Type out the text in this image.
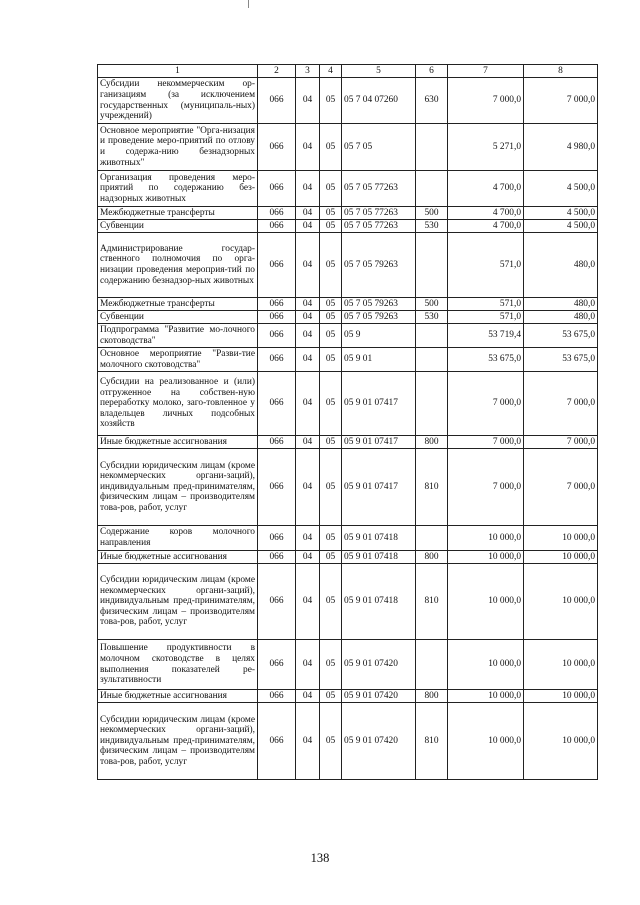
1	2	3	4	5	6	7	8
Субсидии некоммерческим ор-ганизациям (за исключением государственных (муниципаль-ных) учреждений)	066	04	05	05 7 04 07260	630	7 000,0	7 000,0
Основное мероприятие "Орга-низация и проведение меро-приятий по отлову и содержа-нию безнадзорных животных"	066	04	05	05 7 05		5 271,0	4 980,0
Организация проведения меро-приятий по содержанию без-надзорных животных	066	04	05	05 7 05 77263		4 700,0	4 500,0
Межбюджетные трансферты	066	04	05	05 7 05 77263	500	4 700,0	4 500,0
Субвенции	066	04	05	05 7 05 77263	530	4 700,0	4 500,0
Администрирование государ-ственного полномочия по орга-низации проведения мероприя-тий по содержанию безнадзор-ных животных	066	04	05	05 7 05 79263		571,0	480,0
Межбюджетные трансферты	066	04	05	05 7 05 79263	500	571,0	480,0
Субвенции	066	04	05	05 7 05 79263	530	571,0	480,0
Подпрограмма "Развитие мо-лочного скотоводства"	066	04	05	05 9		53 719,4	53 675,0
Основное мероприятие "Разви-тие молочного скотоводства"	066	04	05	05 9 01		53 675,0	53 675,0
Субсидии на реализованное и (или) отгруженное на собствен-ную переработку молоко, заго-товленное у владельцев личных подсобных хозяйств	066	04	05	05 9 01 07417		7 000,0	7 000,0
Иные бюджетные ассигнования	066	04	05	05 9 01 07417	800	7 000,0	7 000,0
Субсидии юридическим лицам (кроме некоммерческих органи-заций), индивидуальным пред-принимателям, физическим лицам – производителям това-ров, работ, услуг	066	04	05	05 9 01 07417	810	7 000,0	7 000,0
Содержание коров молочного направления	066	04	05	05 9 01 07418		10 000,0	10 000,0
Иные бюджетные ассигнования	066	04	05	05 9 01 07418	800	10 000,0	10 000,0
Субсидии юридическим лицам (кроме некоммерческих органи-заций), индивидуальным пред-принимателям, физическим лицам – производителям това-ров, работ, услуг	066	04	05	05 9 01 07418	810	10 000,0	10 000,0
Повышение продуктивности в молочном скотоводстве в целях выполнения показателей ре-зультативности	066	04	05	05 9 01 07420		10 000,0	10 000,0
Иные бюджетные ассигнования	066	04	05	05 9 01 07420	800	10 000,0	10 000,0
Субсидии юридическим лицам (кроме некоммерческих органи-заций), индивидуальным пред-принимателям, физическим лицам – производителям това-ров, работ, услуг	066	04	05	05 9 01 07420	810	10 000,0	10 000,0
138
